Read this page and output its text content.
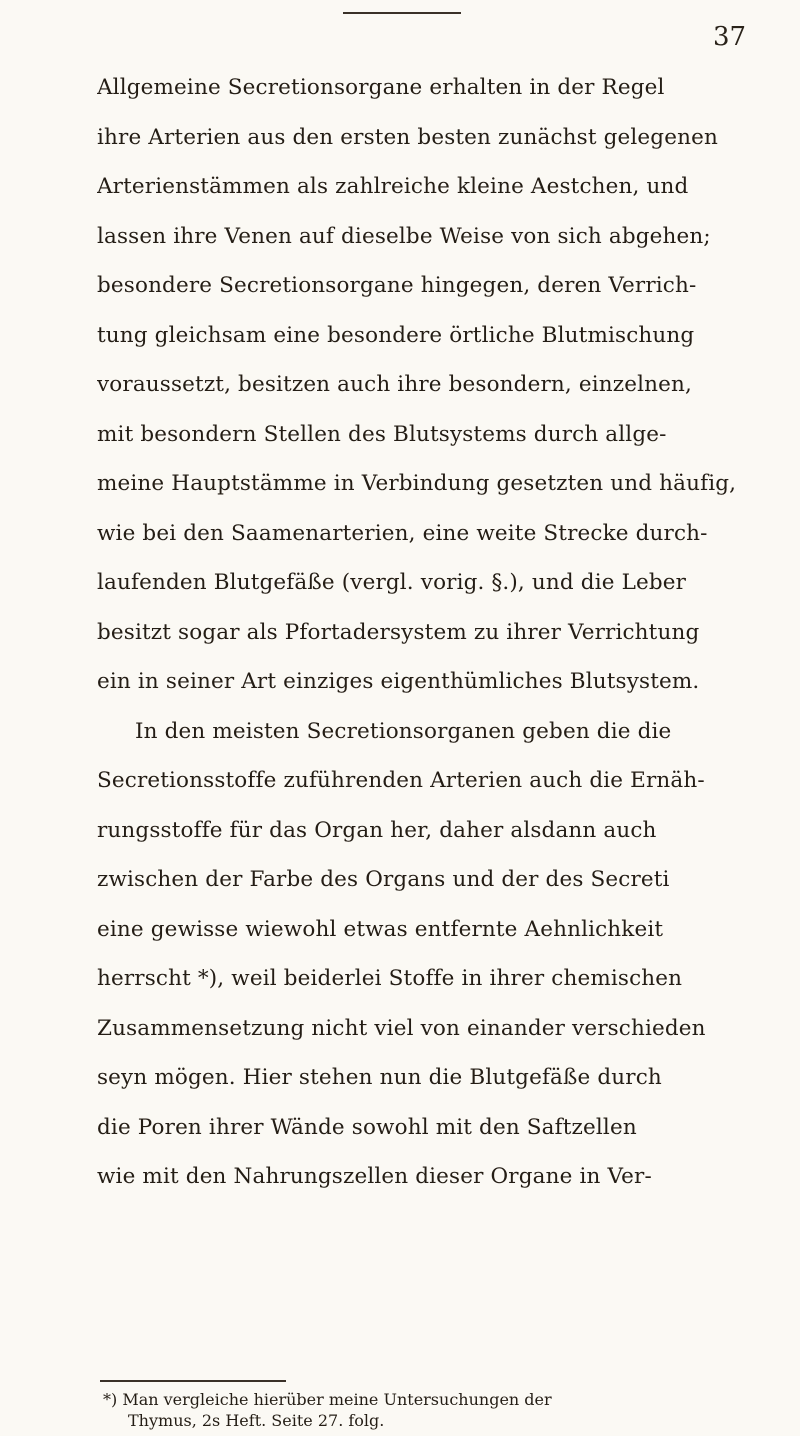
37
Allgemeine Secretionsorgane erhalten in der Regel
ihre Arterien aus den ersten besten zunächst gelegenen
Arterienstämmen als zahlreiche kleine Aestchen, und
lassen ihre Venen auf dieselbe Weise von sich abgehen;
besondere Secretionsorgane hingegen, deren Verrich-
tung gleichsam eine besondere örtliche Blutmischung
voraussetzt, besitzen auch ihre besondern, einzelnen,
mit besondern Stellen des Blutsystems durch allge-
meine Hauptstämme in Verbindung gesetzten und häufig,
wie bei den Saamenarterien, eine weite Strecke durch-
laufenden Blutgefäße (vergl. vorig. §.), und die Leber
besitzt sogar als Pfortadersystem zu ihrer Verrichtung
ein in seiner Art einziges eigenthümliches Blutsystem.
In den meisten Secretionsorganen geben die die
Secretionsstoffe zuführenden Arterien auch die Ernäh-
rungsstoffe für das Organ her, daher alsdann auch
zwischen der Farbe des Organs und der des Secreti
eine gewisse wiewohl etwas entfernte Aehnlichkeit
herrscht *), weil beiderlei Stoffe in ihrer chemischen
Zusammensetzung nicht viel von einander verschieden
seyn mögen. Hier stehen nun die Blutgefäße durch
die Poren ihrer Wände sowohl mit den Saftzellen
wie mit den Nahrungszellen dieser Organe in Ver-
*) Man vergleiche hierüber meine Untersuchungen der
Thymus, 2s Heft. Seite 27. folg.
